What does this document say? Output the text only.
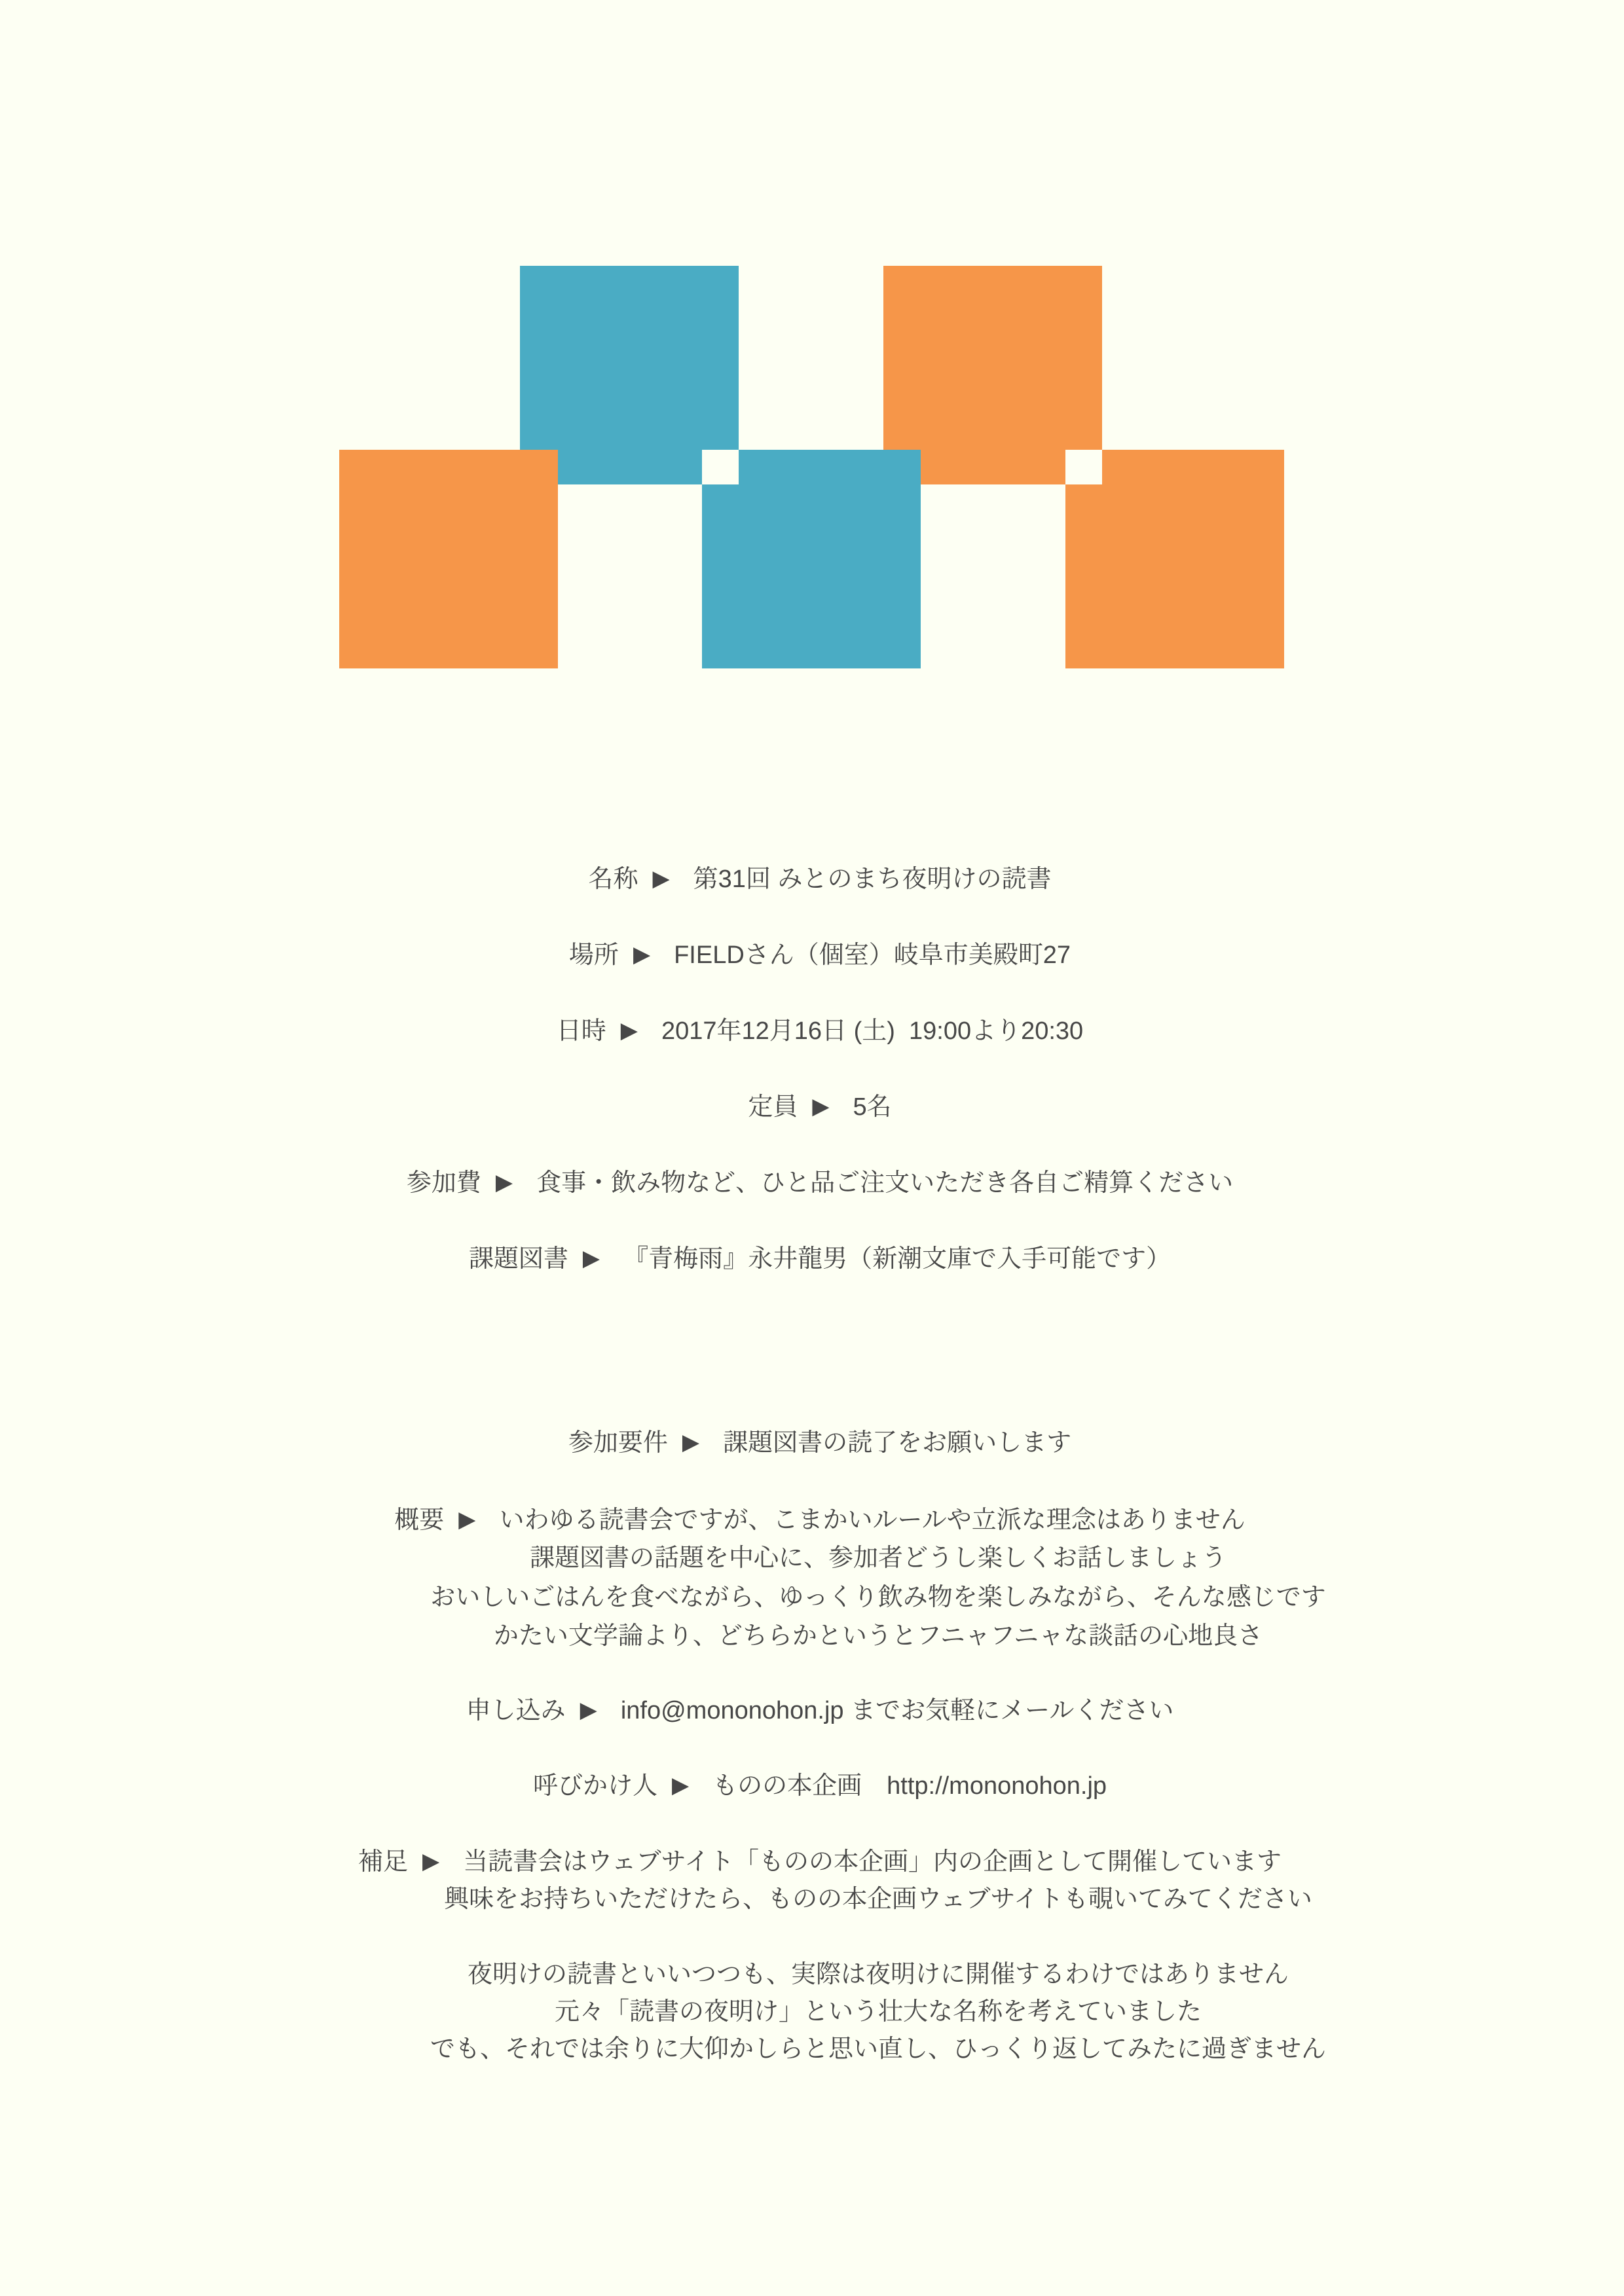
名称 ▶ 第31回 みとのまち夜明けの読書
場所 ▶ FIELDさん（個室）岐阜市美殿町27
日時 ▶ 2017年12月16日 (土)  19:00より20:30
定員 ▶ 5名
参加費 ▶ 食事・飲み物など、ひと品ご注文いただき各自ご精算ください
課題図書 ▶ 『青梅雨』永井龍男（新潮文庫で入手可能です）
参加要件 ▶ 課題図書の読了をお願いします
概要 ▶ いわゆる読書会ですが、こまかいルールや立派な理念はありません
課題図書の話題を中心に、参加者どうし楽しくお話しましょう
おいしいごはんを食べながら、ゆっくり飲み物を楽しみながら、そんな感じです
かたい文学論より、どちらかというとフニャフニャな談話の心地良さ
申し込み ▶ info@mononohon.jp までお気軽にメールください
呼びかけ人 ▶ ものの本企画　http://mononohon.jp
補足 ▶ 当読書会はウェブサイト「ものの本企画」内の企画として開催しています
興味をお持ちいただけたら、ものの本企画ウェブサイトも覗いてみてください
夜明けの読書といいつつも、実際は夜明けに開催するわけではありません
元々「読書の夜明け」という壮大な名称を考えていました
でも、それでは余りに大仰かしらと思い直し、ひっくり返してみたに過ぎません
